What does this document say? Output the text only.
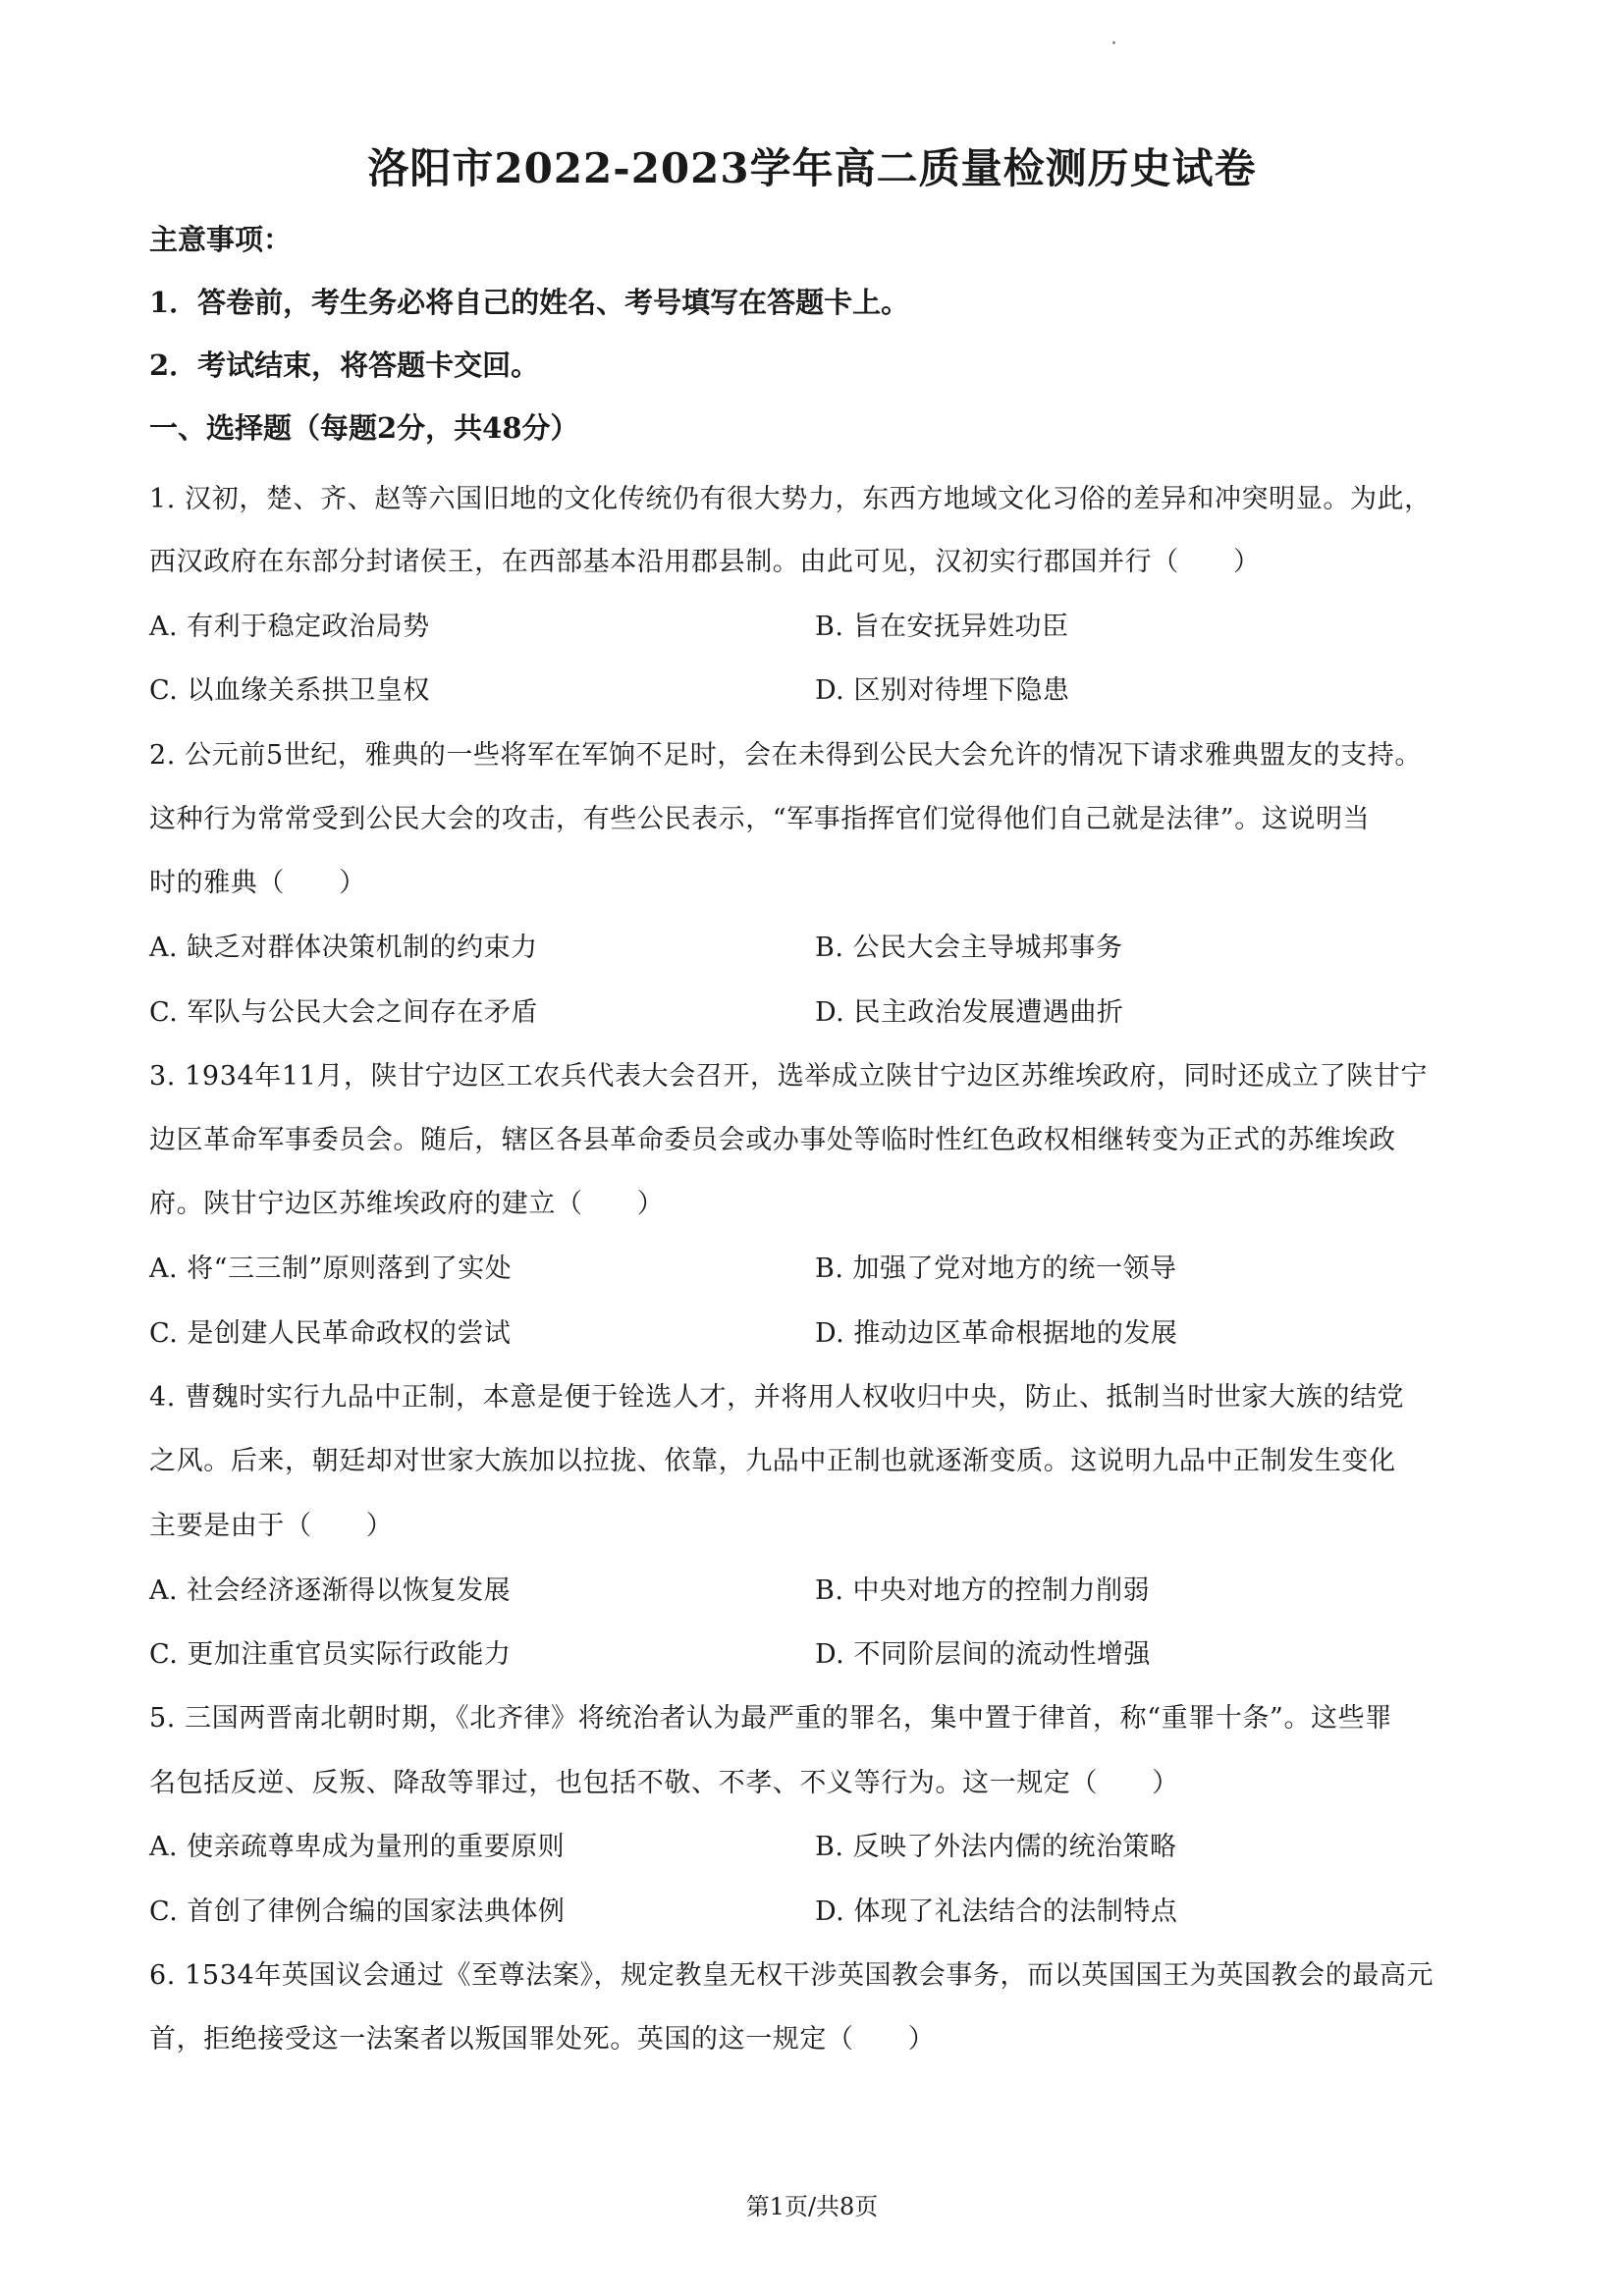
洛阳市2022-2023学年高二质量检测历史试卷
主意事项：
1．答卷前，考生务必将自己的姓名、考号填写在答题卡上。
2．考试结束，将答题卡交回。
一、选择题（每题2分，共48分）
1. 汉初，楚、齐、赵等六国旧地的文化传统仍有很大势力，东西方地域文化习俗的差异和冲突明显。为此，
西汉政府在东部分封诸侯王，在西部基本沿用郡县制。由此可见，汉初实行郡国并行（　　）
A. 有利于稳定政治局势	B. 旨在安抚异姓功臣
C. 以血缘关系拱卫皇权	D. 区别对待埋下隐患
2. 公元前5世纪，雅典的一些将军在军饷不足时，会在未得到公民大会允许的情况下请求雅典盟友的支持。
这种行为常常受到公民大会的攻击，有些公民表示，“军事指挥官们觉得他们自己就是法律”。这说明当
时的雅典（　　）
A. 缺乏对群体决策机制的约束力	B. 公民大会主导城邦事务
C. 军队与公民大会之间存在矛盾	D. 民主政治发展遭遇曲折
3. 1934年11月，陕甘宁边区工农兵代表大会召开，选举成立陕甘宁边区苏维埃政府，同时还成立了陕甘宁
边区革命军事委员会。随后，辖区各县革命委员会或办事处等临时性红色政权相继转变为正式的苏维埃政
府。陕甘宁边区苏维埃政府的建立（　　）
A. 将“三三制”原则落到了实处	B. 加强了党对地方的统一领导
C. 是创建人民革命政权的尝试	D. 推动边区革命根据地的发展
4. 曹魏时实行九品中正制，本意是便于铨选人才，并将用人权收归中央，防止、抵制当时世家大族的结党
之风。后来，朝廷却对世家大族加以拉拢、依靠，九品中正制也就逐渐变质。这说明九品中正制发生变化
主要是由于（　　）
A. 社会经济逐渐得以恢复发展	B. 中央对地方的控制力削弱
C. 更加注重官员实际行政能力	D. 不同阶层间的流动性增强
5. 三国两晋南北朝时期，《北齐律》将统治者认为最严重的罪名，集中置于律首，称“重罪十条”。这些罪
名包括反逆、反叛、降敌等罪过，也包括不敬、不孝、不义等行为。这一规定（　　）
A. 使亲疏尊卑成为量刑的重要原则	B. 反映了外法内儒的统治策略
C. 首创了律例合编的国家法典体例	D. 体现了礼法结合的法制特点
6. 1534年英国议会通过《至尊法案》，规定教皇无权干涉英国教会事务，而以英国国王为英国教会的最高元
首，拒绝接受这一法案者以叛国罪处死。英国的这一规定（　　）
第1页/共8页
